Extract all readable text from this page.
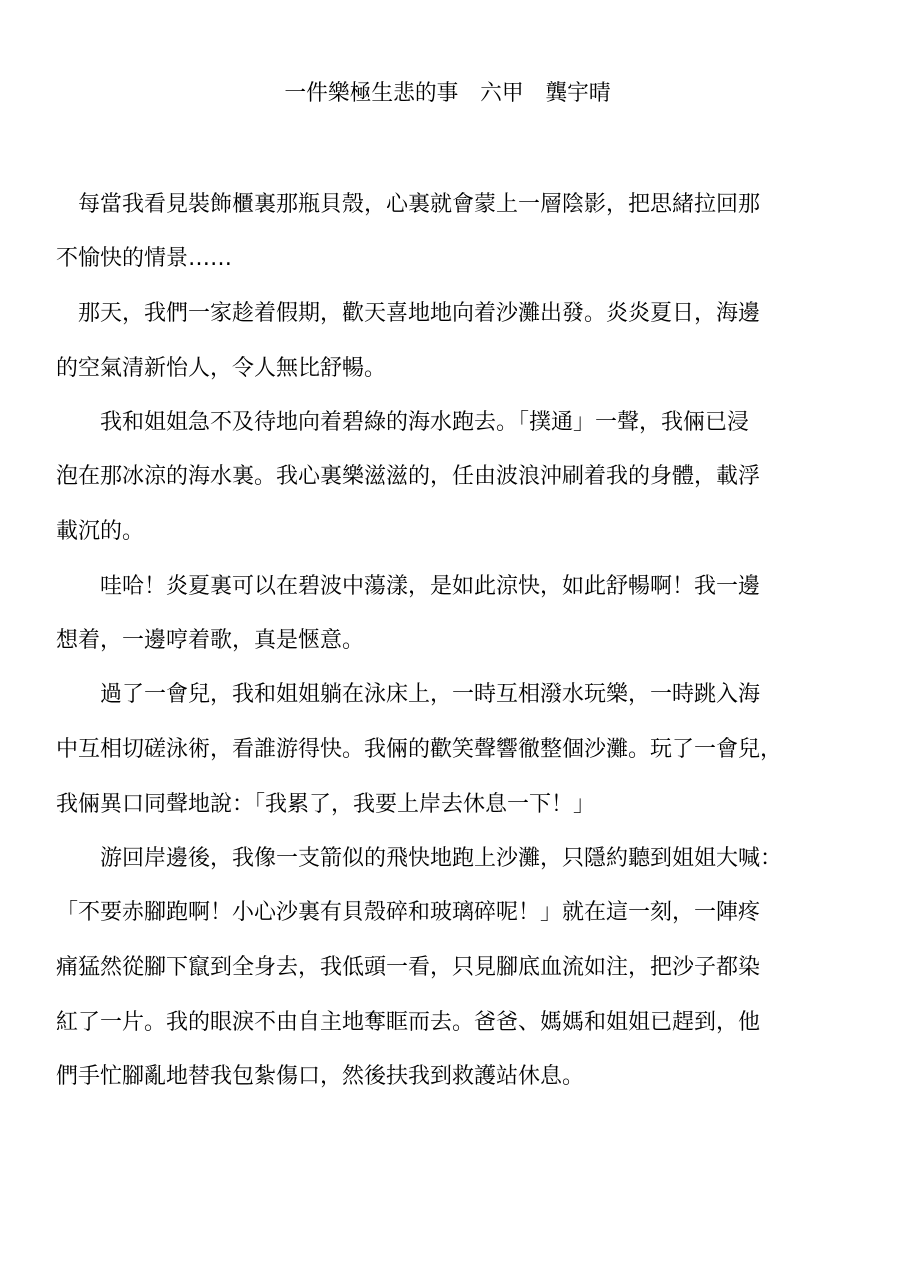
一件樂極生悲的事　六甲　龔宇晴
　每當我看見裝飾櫃裏那瓶貝殼，心裏就會蒙上一層陰影，把思緒拉回那
不愉快的情景……
　那天，我們一家趁着假期，歡天喜地地向着沙灘出發。炎炎夏日，海邊
的空氣清新怡人，令人無比舒暢。
　　我和姐姐急不及待地向着碧綠的海水跑去。「撲通」一聲，我倆已浸
泡在那冰涼的海水裏。我心裏樂滋滋的，任由波浪沖刷着我的身體，載浮
載沉的。
　　哇哈！炎夏裏可以在碧波中蕩漾，是如此涼快，如此舒暢啊！我一邊
想着，一邊哼着歌，真是愜意。
　　過了一會兒，我和姐姐躺在泳床上，一時互相潑水玩樂，一時跳入海
中互相切磋泳術，看誰游得快。我倆的歡笑聲響徹整個沙灘。玩了一會兒，
我倆異口同聲地說：「我累了，我要上岸去休息一下！」
　　游回岸邊後，我像一支箭似的飛快地跑上沙灘，只隱約聽到姐姐大喊：
「不要赤腳跑啊！小心沙裏有貝殼碎和玻璃碎呢！」就在這一刻，一陣疼
痛猛然從腳下竄到全身去，我低頭一看，只見腳底血流如注，把沙子都染
紅了一片。我的眼淚不由自主地奪眶而去。爸爸、媽媽和姐姐已趕到，他
們手忙腳亂地替我包紮傷口，然後扶我到救護站休息。
